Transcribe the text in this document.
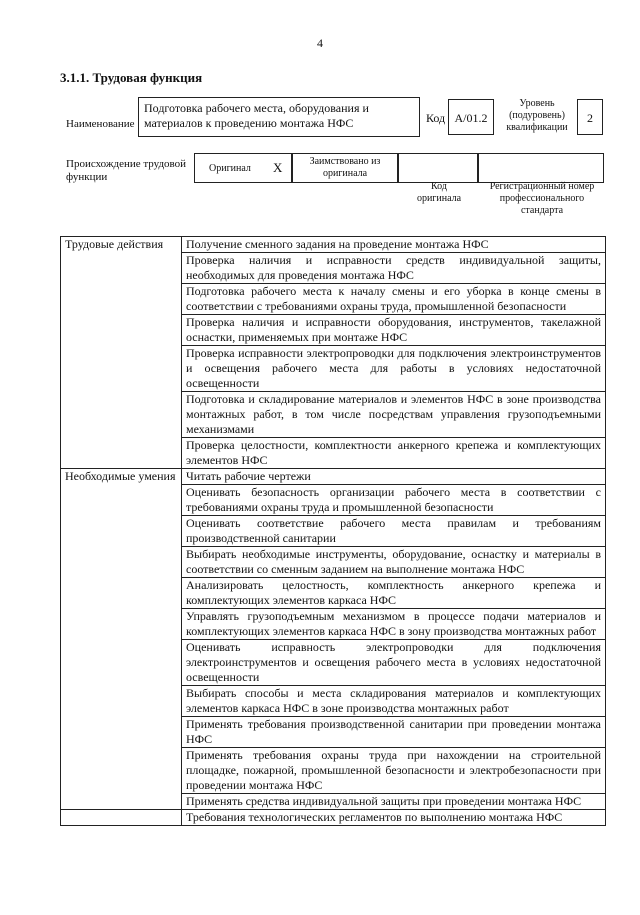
4
3.1.1. Трудовая функция
Наименование
Подготовка рабочего места, оборудования и материалов к проведению монтажа НФС	Код А/01.2
Уровень (подуровень) квалификации
2
Происхождение трудовой функции
Оригинал X	Заимствовано из оригинала
Код оригинала
Регистрационный номер профессионального стандарта
Трудовые действия	Получение сменного задания на проведение монтажа НФС
	Проверка наличия и исправности средств индивидуальной защиты, необходимых для проведения монтажа НФС
	Подготовка рабочего места к началу смены и его уборка в конце смены в соответствии с требованиями охраны труда, промышленной безопасности
	Проверка наличия и исправности оборудования, инструментов, такелажной оснастки, применяемых при монтаже НФС
	Проверка исправности электропроводки для подключения электроинструментов и освещения рабочего места для работы в условиях недостаточной освещенности
	Подготовка и складирование материалов и элементов НФС в зоне производства монтажных работ, в том числе посредствам управления грузоподъемными механизмами
	Проверка целостности, комплектности анкерного крепежа и комплектующих элементов НФС
Необходимые умения	Читать рабочие чертежи
	Оценивать безопасность организации рабочего места в соответствии с требованиями охраны труда и промышленной безопасности
	Оценивать соответствие рабочего места правилам и требованиям производственной санитарии
	Выбирать необходимые инструменты, оборудование, оснастку и материалы в соответствии со сменным заданием на выполнение монтажа НФС
	Анализировать целостность, комплектность анкерного крепежа и комплектующих элементов каркаса НФС
	Управлять грузоподъемным механизмом в процессе подачи материалов и комплектующих элементов каркаса НФС в зону производства монтажных работ
	Оценивать исправность электропроводки для подключения электроинструментов и освещения рабочего места в условиях недостаточной освещенности
	Выбирать способы и места складирования материалов и комплектующих элементов каркаса НФС в зоне производства монтажных работ
	Применять требования производственной санитарии при проведении монтажа НФС
	Применять требования охраны труда при нахождении на строительной площадке, пожарной, промышленной безопасности и электробезопасности при проведении монтажа НФС
	Применять средства индивидуальной защиты при проведении монтажа НФС
	Требования технологических регламентов по выполнению монтажа НФС
